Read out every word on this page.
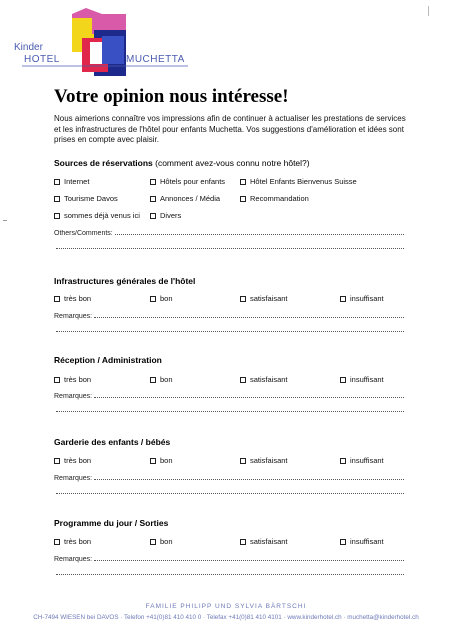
Kinder
HOTEL	MUCHETTA
Votre opinion nous intéresse!

Nous aimerions connaître vos impressions afin de continuer à actualiser les prestations de services et les infrastructures de l'hôtel pour enfants Muchetta. Vos suggestions d'amélioration et idées sont prises en compte avec plaisir.

Sources de réservations (comment avez-vous connu notre hôtel?)
Internet	Hôtels pour enfants	Hôtel Enfants Bienvenus Suisse
Tourisme Davos	Annonces / Média	Recommandation
sommes déjà venus ici	Divers
Others/Comments:
Infrastructures générales de l'hôtel
très bon	bon	satisfaisant	insuffisant
Remarques:
Réception / Administration
très bon	bon	satisfaisant	insuffisant
Remarques:
Garderie des enfants / bébés
très bon	bon	satisfaisant	insuffisant
Remarques:
Programme du jour / Sorties
très bon	bon	satisfaisant	insuffisant
Remarques:
FAMILIE PHILIPP UND SYLVIA BÄRTSCHI
CH-7494 WIESEN bei DAVOS · Telefon +41(0)81 410 410 0 · Telefax +41(0)81 410 4101 · www.kinderhotel.ch · muchetta@kinderhotel.ch
